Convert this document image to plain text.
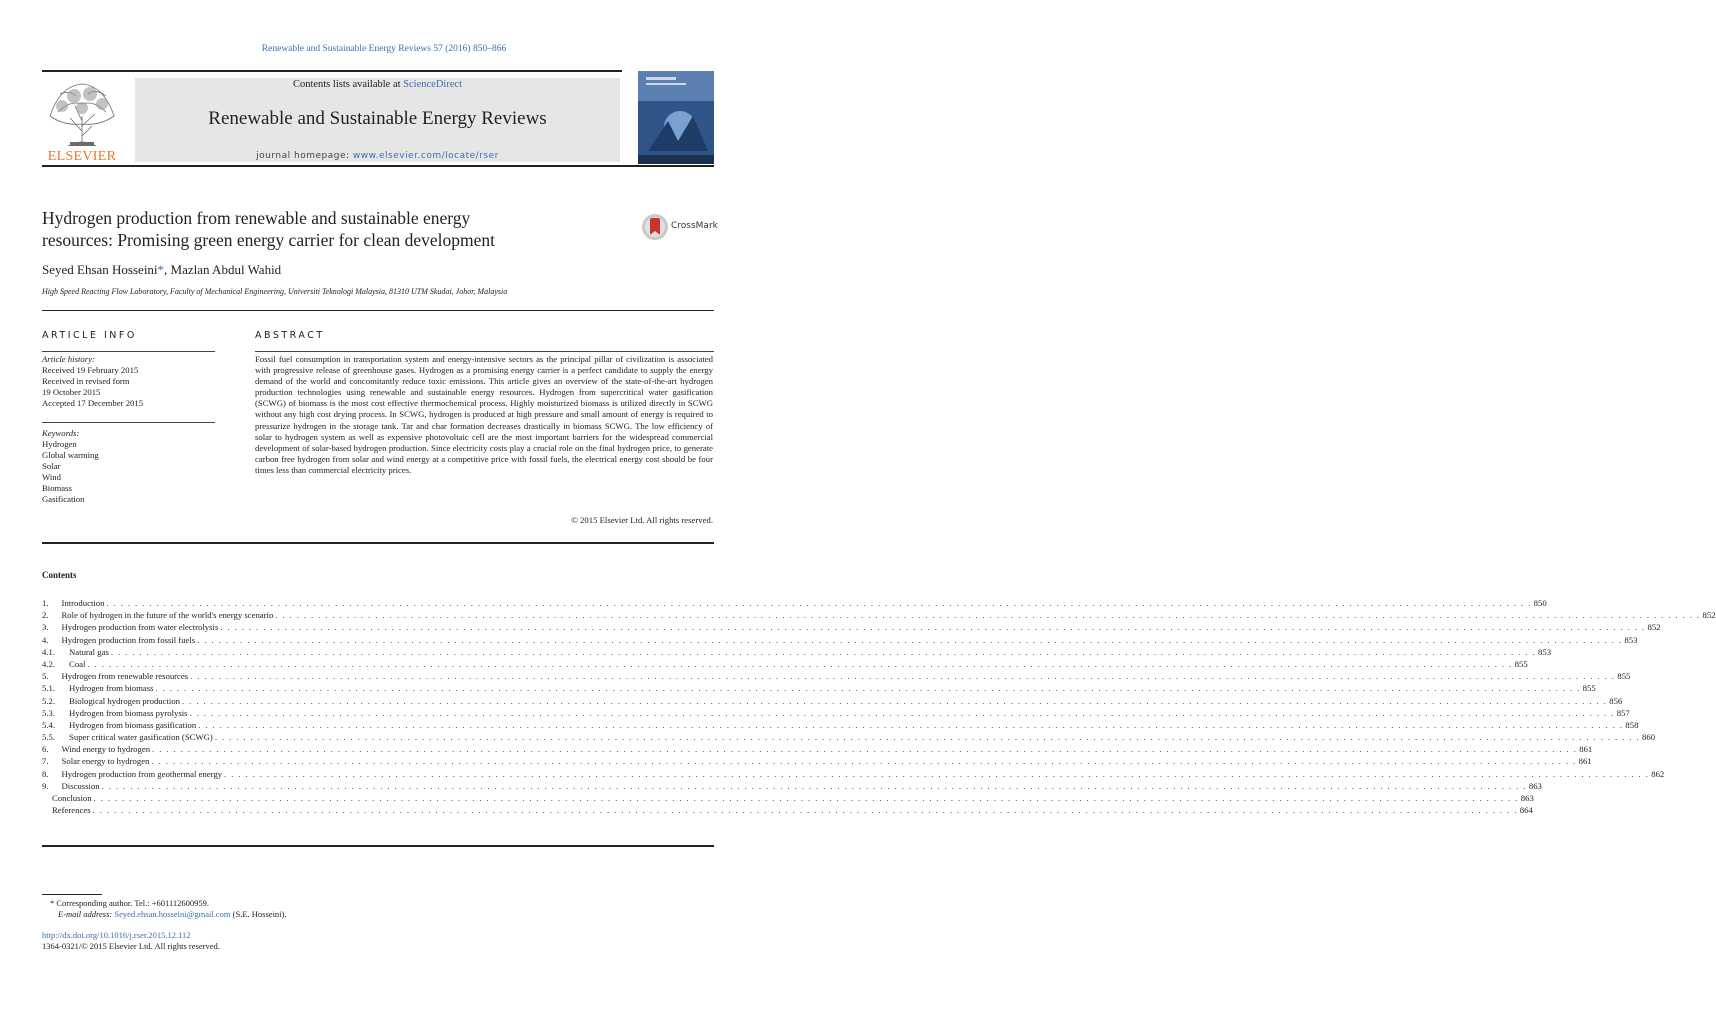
Renewable and Sustainable Energy Reviews 57 (2016) 850–866
ELSEVIER
Contents lists available at ScienceDirect
Renewable and Sustainable Energy Reviews
journal homepage: www.elsevier.com/locate/rser
Hydrogen production from renewable and sustainable energy
resources: Promising green energy carrier for clean development
CrossMark
Seyed Ehsan Hosseini*, Mazlan Abdul Wahid
High Speed Reacting Flow Laboratory, Faculty of Mechanical Engineering, Universiti Teknologi Malaysia, 81310 UTM Skudai, Johor, Malaysia
ARTICLE INFO	ABSTRACT
Article history:
Received 19 February 2015
Received in revised form
19 October 2015
Accepted 17 December 2015
Keywords:
Hydrogen
Global warming
Solar
Wind
Biomass
Gasification
Fossil fuel consumption in transportation system and energy-intensive sectors as the principal pillar of civilization is associated with progressive release of greenhouse gases. Hydrogen as a promising energy carrier is a perfect candidate to supply the energy demand of the world and concomitantly reduce toxic emissions. This article gives an overview of the state-of-the-art hydrogen production technologies using renewable and sustainable energy resources. Hydrogen from supercritical water gasification (SCWG) of biomass is the most cost effective thermochemical process. Highly moisturized biomass is utilized directly in SCWG without any high cost drying process. In SCWG, hydrogen is produced at high pressure and small amount of energy is required to pressurize hydrogen in the storage tank. Tar and char formation decreases drastically in biomass SCWG. The low efficiency of solar to hydrogen system as well as expensive photovoltaic cell are the most important barriers for the widespread commercial development of solar-based hydrogen production. Since electricity costs play a crucial role on the final hydrogen price, to generate carbon free hydrogen from solar and wind energy at a competitive price with fossil fuels, the electrical energy cost should be four times less than commercial electricity prices.
© 2015 Elsevier Ltd. All rights reserved.
Contents
1. Introduction . . . . . . . . . . . . . . . . . . . . . . . . . . . . . . . . . . . . . . . . . . . . . . . . . . . . . . . . . . . . . . . . . . . . . . . . . . . . . . . . . . . . . . . . . . . . . . . . . . . . . . . . . . . . . . . . . . . . . . . . . . . . . . . . . . . . . . . . . . . . . . . . . . . . . . . . . . . . . . . . . . . . . . . . . . . . . . . . . . . . . . . . . . . . . . . . . . . . . . . . 850
2. Role of hydrogen in the future of the world's energy scenario . . . . . . . . . . . . . . . . . . . . . . . . . . . . . . . . . . . . . . . . . . . . . . . . . . . . . . . . . . . . . . . . . . . . . . . . . . . . . . . . . . . . . . . . . . . . . . . . . . . . . . . . . . . . . . . . . . . . . . . . . . . . . . . . . . . . . . . . . . . . . . . . . . . . . . . . . . . . . . . . . . . . . . . . . . . . . . . . . . . . . . . . . . . . . . . . . . . . . . . . 852
3. Hydrogen production from water electrolysis . . . . . . . . . . . . . . . . . . . . . . . . . . . . . . . . . . . . . . . . . . . . . . . . . . . . . . . . . . . . . . . . . . . . . . . . . . . . . . . . . . . . . . . . . . . . . . . . . . . . . . . . . . . . . . . . . . . . . . . . . . . . . . . . . . . . . . . . . . . . . . . . . . . . . . . . . . . . . . . . . . . . . . . . . . . . . . . . . . . . . . . . . . . . . . . . . . . . . . . . 852
4. Hydrogen production from fossil fuels . . . . . . . . . . . . . . . . . . . . . . . . . . . . . . . . . . . . . . . . . . . . . . . . . . . . . . . . . . . . . . . . . . . . . . . . . . . . . . . . . . . . . . . . . . . . . . . . . . . . . . . . . . . . . . . . . . . . . . . . . . . . . . . . . . . . . . . . . . . . . . . . . . . . . . . . . . . . . . . . . . . . . . . . . . . . . . . . . . . . . . . . . . . . . . . . . . . . . . . . 853
4.1. Natural gas . . . . . . . . . . . . . . . . . . . . . . . . . . . . . . . . . . . . . . . . . . . . . . . . . . . . . . . . . . . . . . . . . . . . . . . . . . . . . . . . . . . . . . . . . . . . . . . . . . . . . . . . . . . . . . . . . . . . . . . . . . . . . . . . . . . . . . . . . . . . . . . . . . . . . . . . . . . . . . . . . . . . . . . . . . . . . . . . . . . . . . . . . . . . . . . . . . . . . . . . 853
4.2. Coal . . . . . . . . . . . . . . . . . . . . . . . . . . . . . . . . . . . . . . . . . . . . . . . . . . . . . . . . . . . . . . . . . . . . . . . . . . . . . . . . . . . . . . . . . . . . . . . . . . . . . . . . . . . . . . . . . . . . . . . . . . . . . . . . . . . . . . . . . . . . . . . . . . . . . . . . . . . . . . . . . . . . . . . . . . . . . . . . . . . . . . . . . . . . . . . . . . . . . . . . 855
5. Hydrogen from renewable resources . . . . . . . . . . . . . . . . . . . . . . . . . . . . . . . . . . . . . . . . . . . . . . . . . . . . . . . . . . . . . . . . . . . . . . . . . . . . . . . . . . . . . . . . . . . . . . . . . . . . . . . . . . . . . . . . . . . . . . . . . . . . . . . . . . . . . . . . . . . . . . . . . . . . . . . . . . . . . . . . . . . . . . . . . . . . . . . . . . . . . . . . . . . . . . . . . . . . . . . . 855
5.1. Hydrogen from biomass . . . . . . . . . . . . . . . . . . . . . . . . . . . . . . . . . . . . . . . . . . . . . . . . . . . . . . . . . . . . . . . . . . . . . . . . . . . . . . . . . . . . . . . . . . . . . . . . . . . . . . . . . . . . . . . . . . . . . . . . . . . . . . . . . . . . . . . . . . . . . . . . . . . . . . . . . . . . . . . . . . . . . . . . . . . . . . . . . . . . . . . . . . . . . . . . . . . . . . . . 855
5.2. Biological hydrogen production . . . . . . . . . . . . . . . . . . . . . . . . . . . . . . . . . . . . . . . . . . . . . . . . . . . . . . . . . . . . . . . . . . . . . . . . . . . . . . . . . . . . . . . . . . . . . . . . . . . . . . . . . . . . . . . . . . . . . . . . . . . . . . . . . . . . . . . . . . . . . . . . . . . . . . . . . . . . . . . . . . . . . . . . . . . . . . . . . . . . . . . . . . . . . . . . . . . . . . . . 856
5.3. Hydrogen from biomass pyrolysis . . . . . . . . . . . . . . . . . . . . . . . . . . . . . . . . . . . . . . . . . . . . . . . . . . . . . . . . . . . . . . . . . . . . . . . . . . . . . . . . . . . . . . . . . . . . . . . . . . . . . . . . . . . . . . . . . . . . . . . . . . . . . . . . . . . . . . . . . . . . . . . . . . . . . . . . . . . . . . . . . . . . . . . . . . . . . . . . . . . . . . . . . . . . . . . . . . . . . . . . 857
5.4. Hydrogen from biomass gasification . . . . . . . . . . . . . . . . . . . . . . . . . . . . . . . . . . . . . . . . . . . . . . . . . . . . . . . . . . . . . . . . . . . . . . . . . . . . . . . . . . . . . . . . . . . . . . . . . . . . . . . . . . . . . . . . . . . . . . . . . . . . . . . . . . . . . . . . . . . . . . . . . . . . . . . . . . . . . . . . . . . . . . . . . . . . . . . . . . . . . . . . . . . . . . . . . . . . . . . . 858
5.5. Super critical water gasification (SCWG) . . . . . . . . . . . . . . . . . . . . . . . . . . . . . . . . . . . . . . . . . . . . . . . . . . . . . . . . . . . . . . . . . . . . . . . . . . . . . . . . . . . . . . . . . . . . . . . . . . . . . . . . . . . . . . . . . . . . . . . . . . . . . . . . . . . . . . . . . . . . . . . . . . . . . . . . . . . . . . . . . . . . . . . . . . . . . . . . . . . . . . . . . . . . . . . . . . . . . . . . 860
6. Wind energy to hydrogen . . . . . . . . . . . . . . . . . . . . . . . . . . . . . . . . . . . . . . . . . . . . . . . . . . . . . . . . . . . . . . . . . . . . . . . . . . . . . . . . . . . . . . . . . . . . . . . . . . . . . . . . . . . . . . . . . . . . . . . . . . . . . . . . . . . . . . . . . . . . . . . . . . . . . . . . . . . . . . . . . . . . . . . . . . . . . . . . . . . . . . . . . . . . . . . . . . . . . . . . 861
7. Solar energy to hydrogen . . . . . . . . . . . . . . . . . . . . . . . . . . . . . . . . . . . . . . . . . . . . . . . . . . . . . . . . . . . . . . . . . . . . . . . . . . . . . . . . . . . . . . . . . . . . . . . . . . . . . . . . . . . . . . . . . . . . . . . . . . . . . . . . . . . . . . . . . . . . . . . . . . . . . . . . . . . . . . . . . . . . . . . . . . . . . . . . . . . . . . . . . . . . . . . . . . . . . . . . 861
8. Hydrogen production from geothermal energy . . . . . . . . . . . . . . . . . . . . . . . . . . . . . . . . . . . . . . . . . . . . . . . . . . . . . . . . . . . . . . . . . . . . . . . . . . . . . . . . . . . . . . . . . . . . . . . . . . . . . . . . . . . . . . . . . . . . . . . . . . . . . . . . . . . . . . . . . . . . . . . . . . . . . . . . . . . . . . . . . . . . . . . . . . . . . . . . . . . . . . . . . . . . . . . . . . . . . . . . 862
9. Discussion . . . . . . . . . . . . . . . . . . . . . . . . . . . . . . . . . . . . . . . . . . . . . . . . . . . . . . . . . . . . . . . . . . . . . . . . . . . . . . . . . . . . . . . . . . . . . . . . . . . . . . . . . . . . . . . . . . . . . . . . . . . . . . . . . . . . . . . . . . . . . . . . . . . . . . . . . . . . . . . . . . . . . . . . . . . . . . . . . . . . . . . . . . . . . . . . . . . . . . . . 863
Conclusion . . . . . . . . . . . . . . . . . . . . . . . . . . . . . . . . . . . . . . . . . . . . . . . . . . . . . . . . . . . . . . . . . . . . . . . . . . . . . . . . . . . . . . . . . . . . . . . . . . . . . . . . . . . . . . . . . . . . . . . . . . . . . . . . . . . . . . . . . . . . . . . . . . . . . . . . . . . . . . . . . . . . . . . . . . . . . . . . . . . . . . . . . . . . . . . . . . . . . . . . 863
References . . . . . . . . . . . . . . . . . . . . . . . . . . . . . . . . . . . . . . . . . . . . . . . . . . . . . . . . . . . . . . . . . . . . . . . . . . . . . . . . . . . . . . . . . . . . . . . . . . . . . . . . . . . . . . . . . . . . . . . . . . . . . . . . . . . . . . . . . . . . . . . . . . . . . . . . . . . . . . . . . . . . . . . . . . . . . . . . . . . . . . . . . . . . . . . . . . . . . . . . 864
* Corresponding author. Tel.: +601112600959.
E-mail address: Seyed.ehsan.hosseini@gmail.com (S.E. Hosseini).
http://dx.doi.org/10.1016/j.rser.2015.12.112
1364-0321/© 2015 Elsevier Ltd. All rights reserved.
